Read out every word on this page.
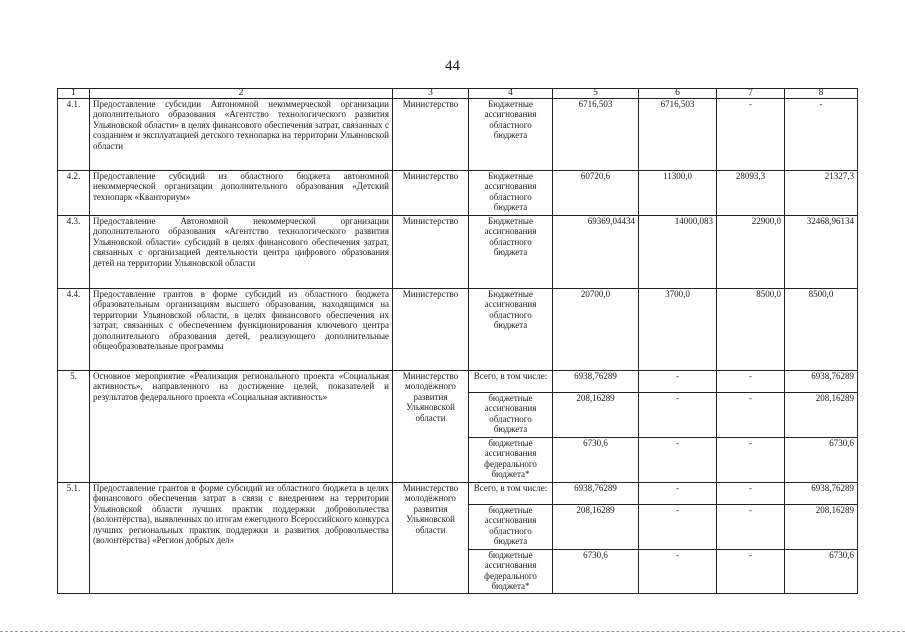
44
1	2	3	4	5	6	7	8
4.1.	Предоставление субсидии Автономной некоммерческой организации дополнительного образования «Агентство технологического развития Ульяновской области» в целях финансового обеспечения затрат, связанных с созданием и эксплуатацией детского технопарка на территории Ульяновской области	Министерство	Бюджетные ассигнования областного бюджета	6716,503	6716,503	-	-
4.2.	Предоставление субсидий из областного бюджета автономной некоммерческой организации дополнительного образования «Детский технопарк «Кванториум»	Министерство	Бюджетные ассигнования областного бюджета	60720,6	11300,0	28093,3	21327,3
4.3.	Предоставление Автономной некоммерческой организации дополнительного образования «Агентство технологического развития Ульяновской области» субсидий в целях финансового обеспечения затрат, связанных с организацией деятельности центра цифрового образования детей на территории Ульяновской области	Министерство	Бюджетные ассигнования областного бюджета	69369,04434	14000,083	22900,0	32468,96134
4.4.	Предоставление грантов в форме субсидий из областного бюджета образовательным организациям высшего образования, находящимся на территории Ульяновской области, в целях финансового обеспечения их затрат, связанных с обеспечением функционирования ключевого центра дополнительного образования детей, реализующего дополнительные общеобразовательные программы	Министерство	Бюджетные ассигнования областного бюджета	20700,0	3700,0	8500,0	8500,0
5.	Основное мероприятие «Реализация регионального проекта «Социальная активность», направленного на достижение целей, показателей и результатов федерального проекта «Социальная активность»	Министерство молодёжного развития Ульяновской области	Всего, в том числе:	6938,76289	-	-	6938,76289
			бюджетные ассигнования областного бюджета	208,16289	-	-	208,16289
			бюджетные ассигнования федерального бюджета*	6730,6	-	-	6730,6
5.1.	Предоставление грантов в форме субсидий из областного бюджета в целях финансового обеспечения затрат в связи с внедрением на территории Ульяновской области лучших практик поддержки добровольчества (волонтёрства), выявленных по итогам ежегодного Всероссийского конкурса лучших региональных практик поддержки и развития добровольчества (волонтёрства) «Регион добрых дел»	Министерство молодёжного развития Ульяновской области	Всего, в том числе:	6938,76289	-	-	6938,76289
			бюджетные ассигнования областного бюджета	208,16289	-	-	208,16289
			бюджетные ассигнования федерального бюджета*	6730,6	-	-	6730,6
